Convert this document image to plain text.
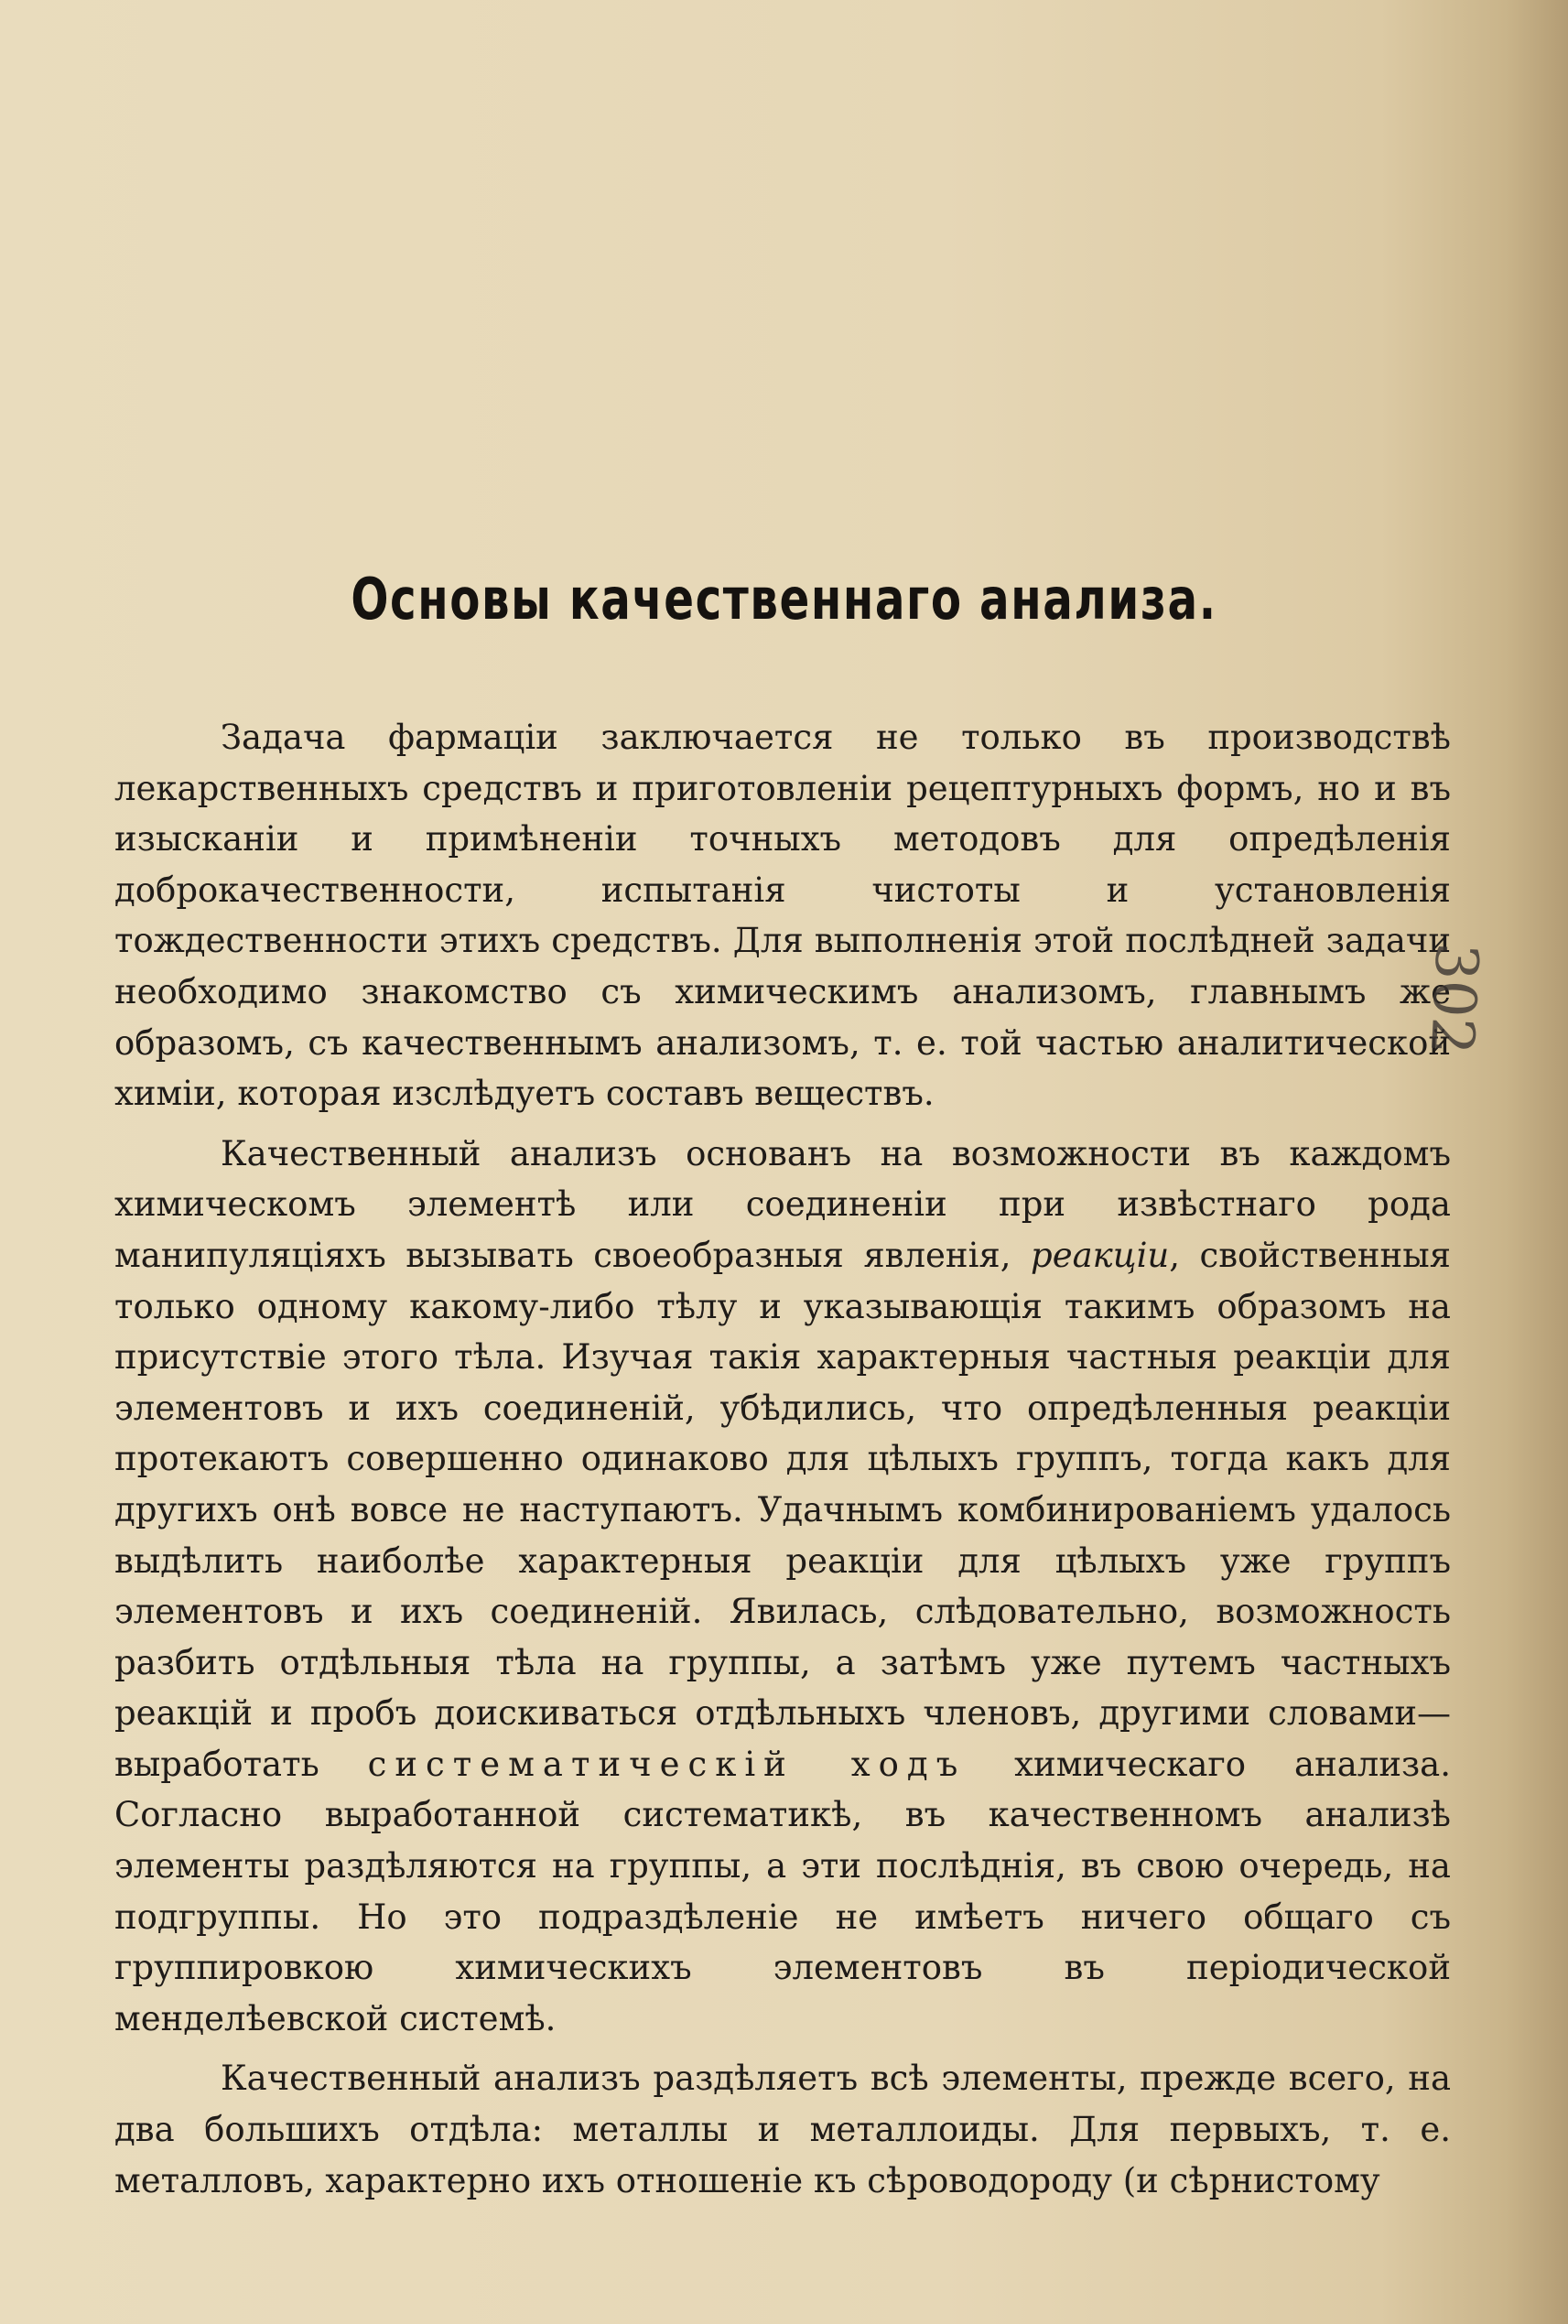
Основы качественнаго анализа.

Задача фармаціи заключается не только въ производствѣ лекарственныхъ средствъ и приготовленіи рецептурныхъ формъ, но и въ изысканіи и примѣненіи точныхъ методовъ для опредѣленія доброкачественности, испытанія чистоты и установленія тождественности этихъ средствъ. Для выполненія этой послѣдней задачи необходимо знакомство съ химическимъ анализомъ, главнымъ же образомъ, съ качественнымъ анализомъ, т. е. той частью аналитической химіи, которая изслѣдуетъ составъ веществъ.

Качественный анализъ основанъ на возможности въ каждомъ химическомъ элементѣ или соединеніи при извѣстнаго рода манипуляціяхъ вызывать своеобразныя явленія, реакціи, свойственныя только одному какому-либо тѣлу и указывающія такимъ образомъ на присутствіе этого тѣла. Изучая такія характерныя частныя реакціи для элементовъ и ихъ соединеній, убѣдились, что опредѣленныя реакціи протекаютъ совершенно одинаково для цѣлыхъ группъ, тогда какъ для другихъ онѣ вовсе не наступаютъ. Удачнымъ комбинированіемъ удалось выдѣлить наиболѣе характерныя реакціи для цѣлыхъ уже группъ элементовъ и ихъ соединеній. Явилась, слѣдовательно, возможность разбить отдѣльныя тѣла на группы, а затѣмъ уже путемъ частныхъ реакцій и пробъ доискиваться отдѣльныхъ членовъ, другими словами—выработать систематическій ходъ химическаго анализа. Согласно выработанной систематикѣ, въ качественномъ анализѣ элементы раздѣляются на группы, а эти послѣднія, въ свою очередь, на подгруппы. Но это подраздѣленіе не имѣетъ ничего общаго съ группировкою химическихъ элементовъ въ періодической менделѣевской системѣ.

Качественный анализъ раздѣляетъ всѣ элементы, прежде всего, на два большихъ отдѣла: металлы и металлоиды. Для первыхъ, т. е. металловъ, характерно ихъ отношеніе къ сѣроводороду (и сѣрнистому

302
